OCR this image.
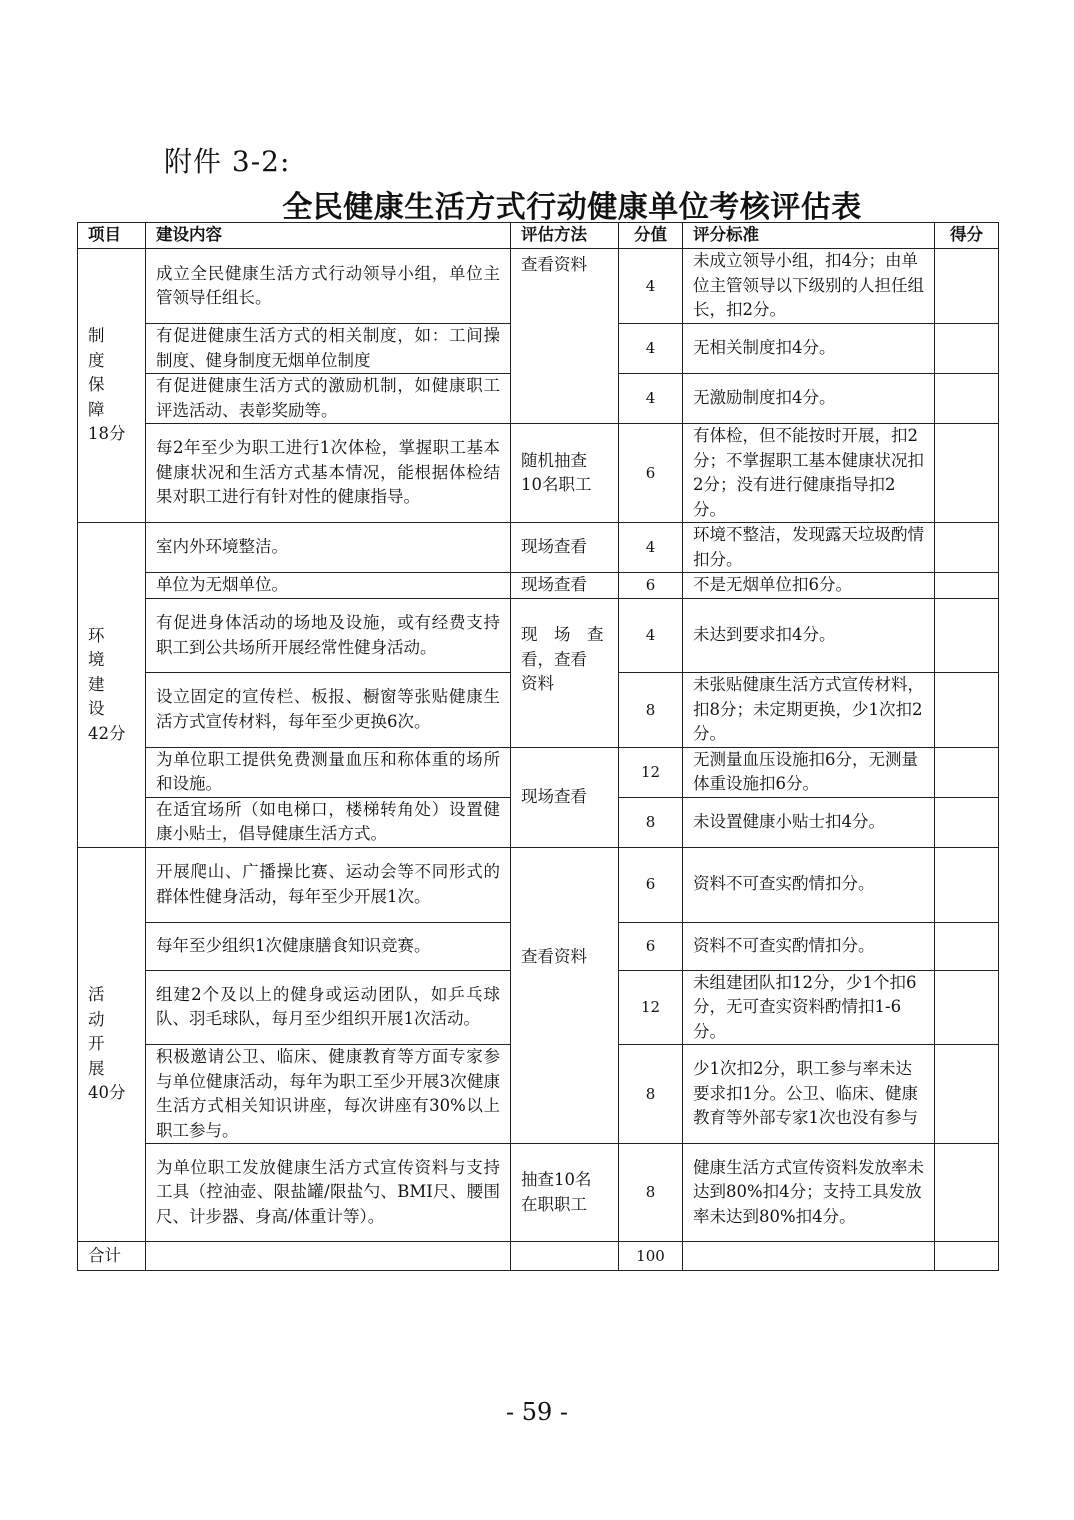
附件 3-2:
全民健康生活方式行动健康单位考核评估表
项目	建设内容	评估方法	分值	评分标准	得分
制　度
保　障
18分	成立全民健康生活方式行动领导小组，单位主管领导任组长。	查看资料	4	未成立领导小组，扣4分；由单位主管领导以下级别的人担任组长，扣2分。	
	有促进健康生活方式的相关制度，如：工间操制度、健身制度无烟单位制度		4	无相关制度扣4分。	
	有促进健康生活方式的激励机制，如健康职工评选活动、表彰奖励等。		4	无激励制度扣4分。	
	每2年至少为职工进行1次体检，掌握职工基本健康状况和生活方式基本情况，能根据体检结果对职工进行有针对性的健康指导。	随机抽查
10名职工	6	有体检，但不能按时开展，扣2分；不掌握职工基本健康状况扣2分；没有进行健康指导扣2分。	
环　境
建　设
42分	室内外环境整洁。	现场查看	4	环境不整洁，发现露天垃圾酌情扣分。	
	单位为无烟单位。	现场查看	6	不是无烟单位扣6分。	
	有促进身体活动的场地及设施，或有经费支持职工到公共场所开展经常性健身活动。	现　场　查
看，查看
资料	4	未达到要求扣4分。	
	设立固定的宣传栏、板报、橱窗等张贴健康生活方式宣传材料，每年至少更换6次。		8	未张贴健康生活方式宣传材料，扣8分；未定期更换，少1次扣2分。	
	为单位职工提供免费测量血压和称体重的场所和设施。	现场查看	12	无测量血压设施扣6分，无测量体重设施扣6分。	
	在适宜场所（如电梯口，楼梯转角处）设置健康小贴士，倡导健康生活方式。		8	未设置健康小贴士扣4分。	
活　动
开　展
40分	开展爬山、广播操比赛、运动会等不同形式的群体性健身活动，每年至少开展1次。	查看资料	6	资料不可查实酌情扣分。	
	每年至少组织1次健康膳食知识竞赛。		6	资料不可查实酌情扣分。	
	组建2个及以上的健身或运动团队，如乒乓球队、羽毛球队，每月至少组织开展1次活动。		12	未组建团队扣12分，少1个扣6分，无可查实资料酌情扣1-6分。	
	积极邀请公卫、临床、健康教育等方面专家参与单位健康活动，每年为职工至少开展3次健康生活方式相关知识讲座，每次讲座有30%以上职工参与。		8	少1次扣2分，职工参与率未达要求扣1分。公卫、临床、健康教育等外部专家1次也没有参与	
	为单位职工发放健康生活方式宣传资料与支持工具（控油壶、限盐罐/限盐勺、BMI尺、腰围尺、计步器、身高/体重计等）。	抽查10名
在职职工	8	健康生活方式宣传资料发放率未达到80%扣4分；支持工具发放率未达到80%扣4分。	
合计			100		
- 59 -
